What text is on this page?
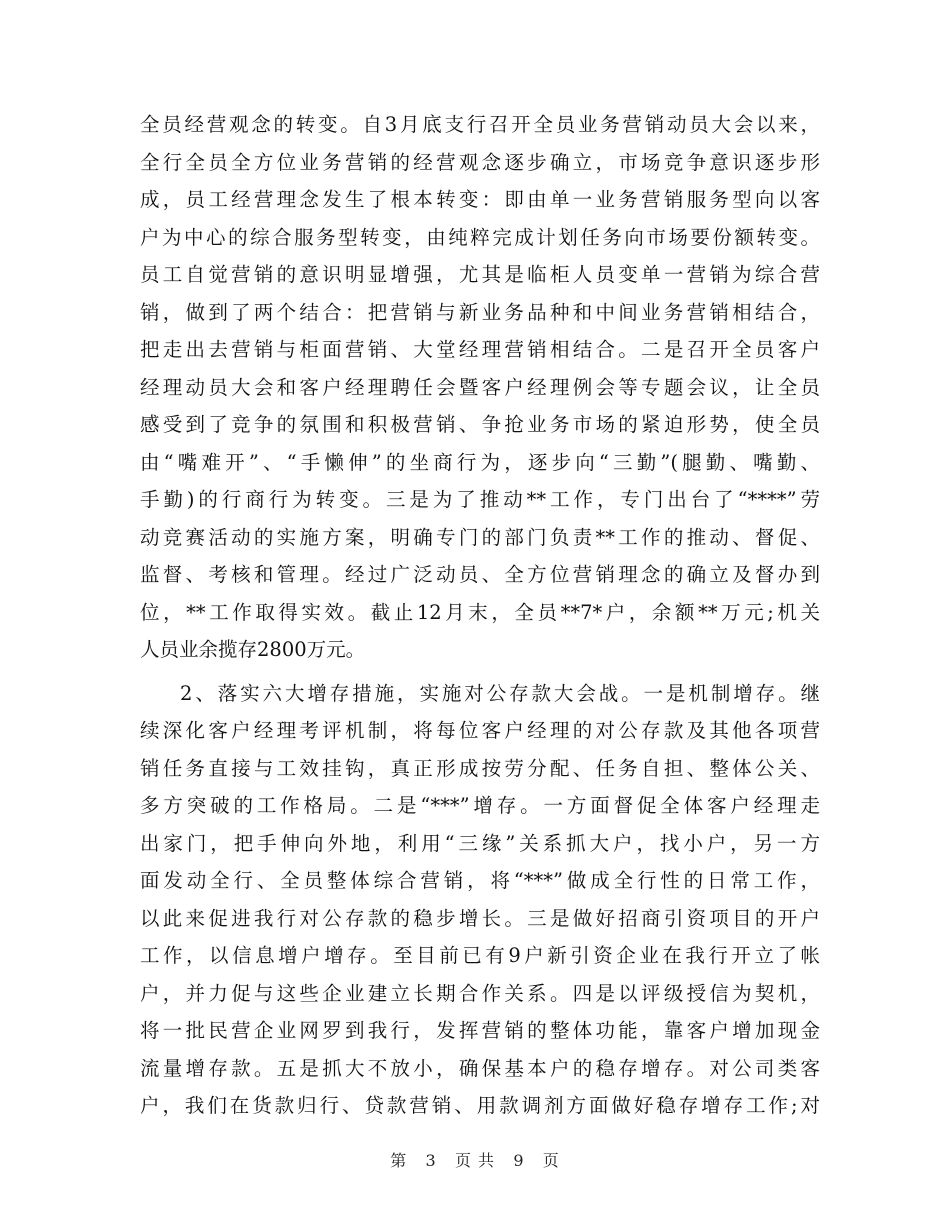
全员经营观念的转变。自3月底支行召开全员业务营销动员大会以来，
全行全员全方位业务营销的经营观念逐步确立，市场竞争意识逐步形
成，员工经营理念发生了根本转变：即由单一业务营销服务型向以客
户为中心的综合服务型转变，由纯粹完成计划任务向市场要份额转变。
员工自觉营销的意识明显增强，尤其是临柜人员变单一营销为综合营
销，做到了两个结合：把营销与新业务品种和中间业务营销相结合，
把走出去营销与柜面营销、大堂经理营销相结合。二是召开全员客户
经理动员大会和客户经理聘任会暨客户经理例会等专题会议，让全员
感受到了竞争的氛围和积极营销、争抢业务市场的紧迫形势，使全员
由“嘴难开”、“手懒伸”的坐商行为，逐步向“三勤”(腿勤、嘴勤、
手勤)的行商行为转变。三是为了推动**工作，专门出台了“****”劳
动竞赛活动的实施方案，明确专门的部门负责**工作的推动、督促、
监督、考核和管理。经过广泛动员、全方位营销理念的确立及督办到
位，**工作取得实效。截止12月末，全员**7*户，余额**万元;机关
人员业余揽存2800万元。
2、落实六大增存措施，实施对公存款大会战。一是机制增存。继
续深化客户经理考评机制，将每位客户经理的对公存款及其他各项营
销任务直接与工效挂钩，真正形成按劳分配、任务自担、整体公关、
多方突破的工作格局。二是“***”增存。一方面督促全体客户经理走
出家门，把手伸向外地，利用“三缘”关系抓大户，找小户，另一方
面发动全行、全员整体综合营销，将“***”做成全行性的日常工作，
以此来促进我行对公存款的稳步增长。三是做好招商引资项目的开户
工作，以信息增户增存。至目前已有9户新引资企业在我行开立了帐
户，并力促与这些企业建立长期合作关系。四是以评级授信为契机，
将一批民营企业网罗到我行，发挥营销的整体功能，靠客户增加现金
流量增存款。五是抓大不放小，确保基本户的稳存增存。对公司类客
户，我们在货款归行、贷款营销、用款调剂方面做好稳存增存工作;对
第 3 页 共 9 页
